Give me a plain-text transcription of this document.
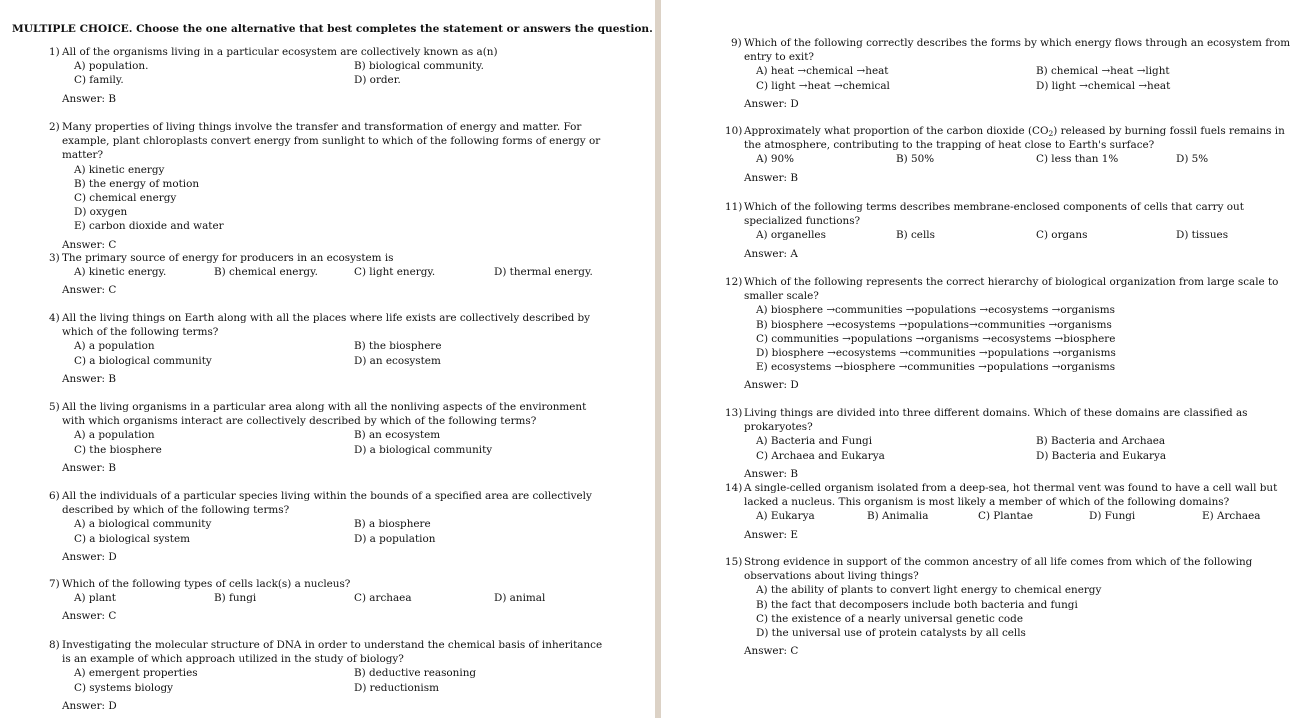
MULTIPLE CHOICE. Choose the one alternative that best completes the statement or answers the question.
1) All of the organisms living in a particular ecosystem are collectively known as a(n)
A) population.	B) biological community.
C) family.	D) order.
Answer: B
2) Many properties of living things involve the transfer and transformation of energy and matter. For example, plant chloroplasts convert energy from sunlight to which of the following forms of energy or matter?
A) kinetic energy
B) the energy of motion
C) chemical energy
D) oxygen
E) carbon dioxide and water
Answer: C
3) The primary source of energy for producers in an ecosystem is
A) kinetic energy.	B) chemical energy.	C) light energy.	D) thermal energy.
Answer: C
4) All the living things on Earth along with all the places where life exists are collectively described by which of the following terms?
A) a population	B) the biosphere
C) a biological community	D) an ecosystem
Answer: B
5) All the living organisms in a particular area along with all the nonliving aspects of the environment with which organisms interact are collectively described by which of the following terms?
A) a population	B) an ecosystem
C) the biosphere	D) a biological community
Answer: B
6) All the individuals of a particular species living within the bounds of a specified area are collectively described by which of the following terms?
A) a biological community	B) a biosphere
C) a biological system	D) a population
Answer: D
7) Which of the following types of cells lack(s) a nucleus?
A) plant	B) fungi	C) archaea	D) animal
Answer: C
8) Investigating the molecular structure of DNA in order to understand the chemical basis of inheritance is an example of which approach utilized in the study of biology?
A) emergent properties	B) deductive reasoning
C) systems biology	D) reductionism
Answer: D
9) Which of the following correctly describes the forms by which energy flows through an ecosystem from entry to exit?
A) heat →chemical →heat	B) chemical →heat →light
C) light →heat →chemical	D) light →chemical →heat
Answer: D
10) Approximately what proportion of the carbon dioxide $(CO_2)$ released by burning fossil fuels remains in the atmosphere, contributing to the trapping of heat close to Earth's surface?
A) 90%	B) 50%	C) less than 1%	D) 5%
Answer: B
11) Which of the following terms describes membrane-enclosed components of cells that carry out specialized functions?
A) organelles	B) cells	C) organs	D) tissues
Answer: A
12) Which of the following represents the correct hierarchy of biological organization from large scale to smaller scale?
A) biosphere →communities →populations →ecosystems →organisms
B) biosphere →ecosystems →populations→communities →organisms
C) communities →populations →organisms →ecosystems →biosphere
D) biosphere →ecosystems →communities →populations →organisms
E) ecosystems →biosphere →communities →populations →organisms
Answer: D
13) Living things are divided into three different domains. Which of these domains are classified as prokaryotes?
A) Bacteria and Fungi	B) Bacteria and Archaea
C) Archaea and Eukarya	D) Bacteria and Eukarya
Answer: B
14) A single-celled organism isolated from a deep-sea, hot thermal vent was found to have a cell wall but lacked a nucleus. This organism is most likely a member of which of the following domains?
A) Eukarya	B) Animalia	C) Plantae	D) Fungi	E) Archaea
Answer: E
15) Strong evidence in support of the common ancestry of all life comes from which of the following observations about living things?
A) the ability of plants to convert light energy to chemical energy
B) the fact that decomposers include both bacteria and fungi
C) the existence of a nearly universal genetic code
D) the universal use of protein catalysts by all cells
Answer: C
